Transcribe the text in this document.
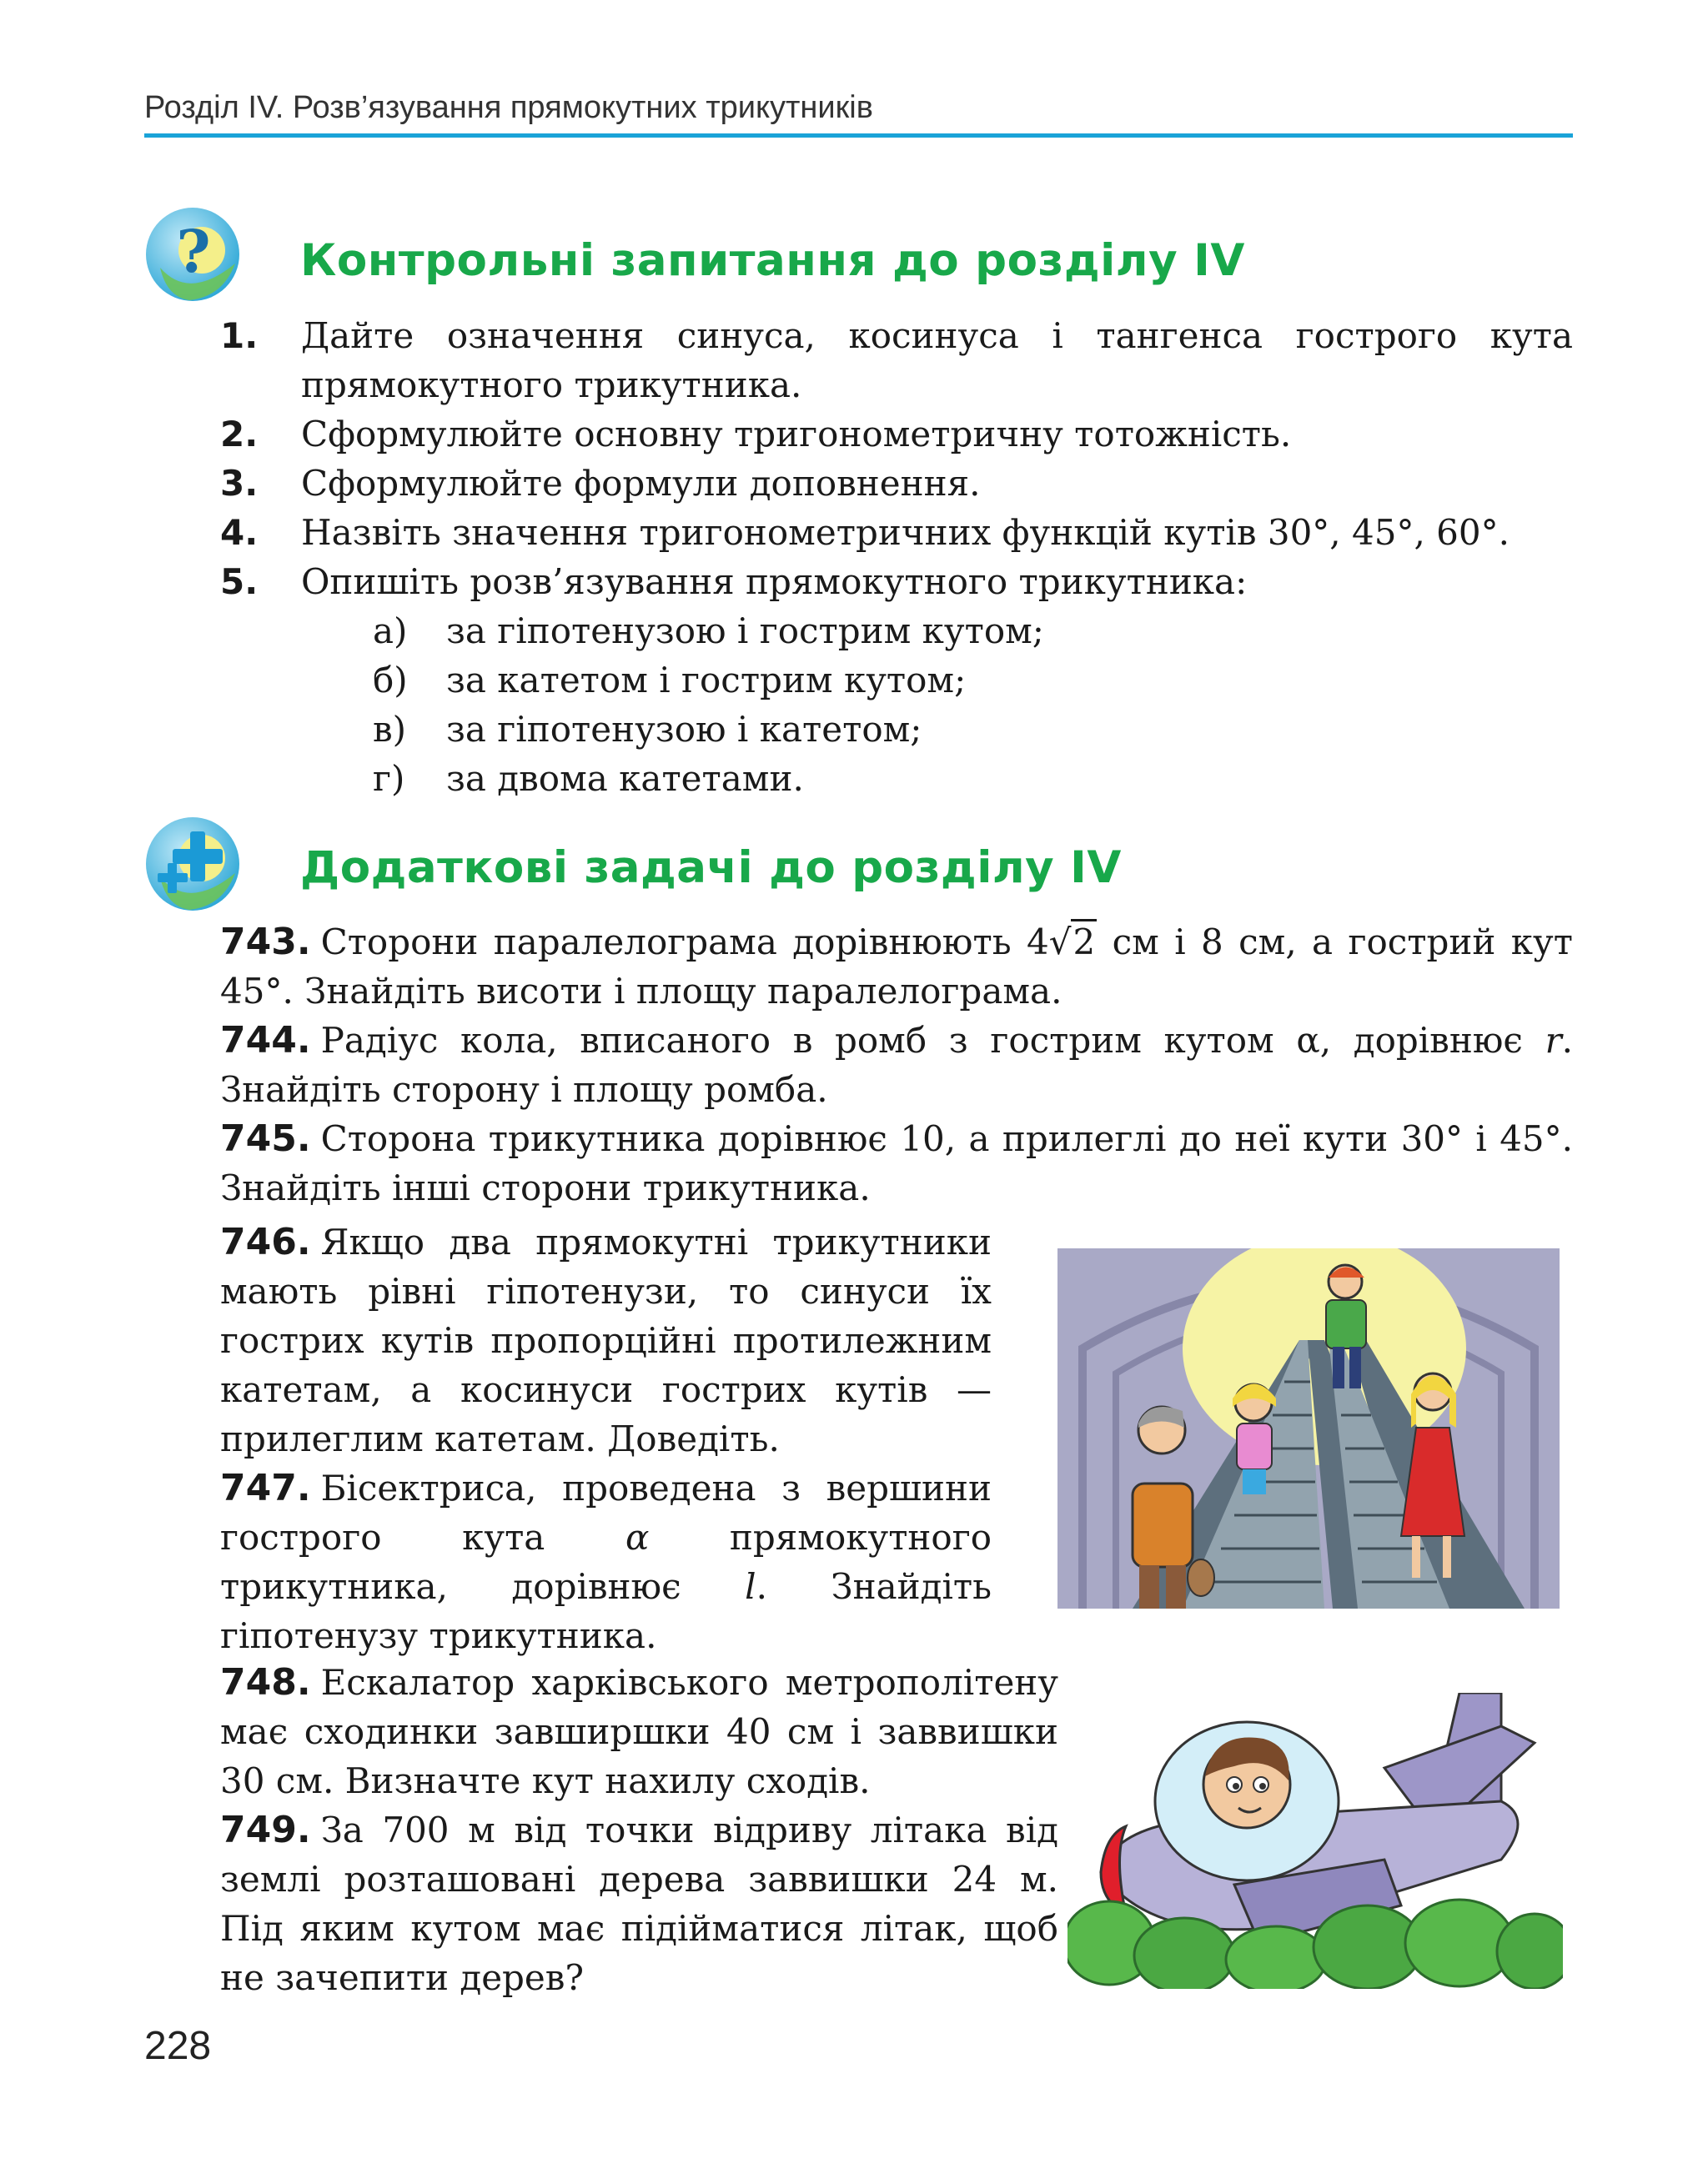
Розділ IV. Розв’язування прямокутних трикутників
? Контрольні запитання до розділу IV
1. Дайте означення синуса, косинуса і тангенса гострого кута прямокутного трикутника.
2. Сформулюйте основну тригонометричну тотожність.
3. Сформулюйте формули доповнення.
4. Назвіть значення тригонометричних функцій кутів 30°, 45°, 60°.
5. Опишіть розв’язування прямокутного трикутника:
а) за гіпотенузою і гострим кутом;
б) за катетом і гострим кутом;
в) за гіпотенузою і катетом;
г) за двома катетами.
Додаткові задачі до розділу IV
743. Сторони паралелограма дорівнюють 4√2 см і 8 см, а гострий кут 45°. Знайдіть висоти і площу паралелограма.
744. Радіус кола, вписаного в ромб з гострим кутом α, дорівнює r. Знайдіть сторону і площу ромба.
745. Сторона трикутника дорівнює 10, а прилеглі до неї кути 30° і 45°. Знайдіть інші сторони трикутника.
746. Якщо два прямокутні трикутники мають рівні гіпотенузи, то синуси їх гострих кутів пропорційні протилежним катетам, а косинуси гострих кутів — прилеглим катетам. Доведіть.
747. Бісектриса, проведена з вершини гострого кута α прямокутного трикутника, дорівнює l. Знайдіть гіпотенузу трикутника.
748. Ескалатор харківського метрополітену має сходинки завширшки 40 см і заввишки 30 см. Визначте кут нахилу сходів.
749. За 700 м від точки відриву літака від землі розташовані дерева заввишки 24 м. Під яким кутом має підійматися літак, щоб не зачепити дерев?
228
